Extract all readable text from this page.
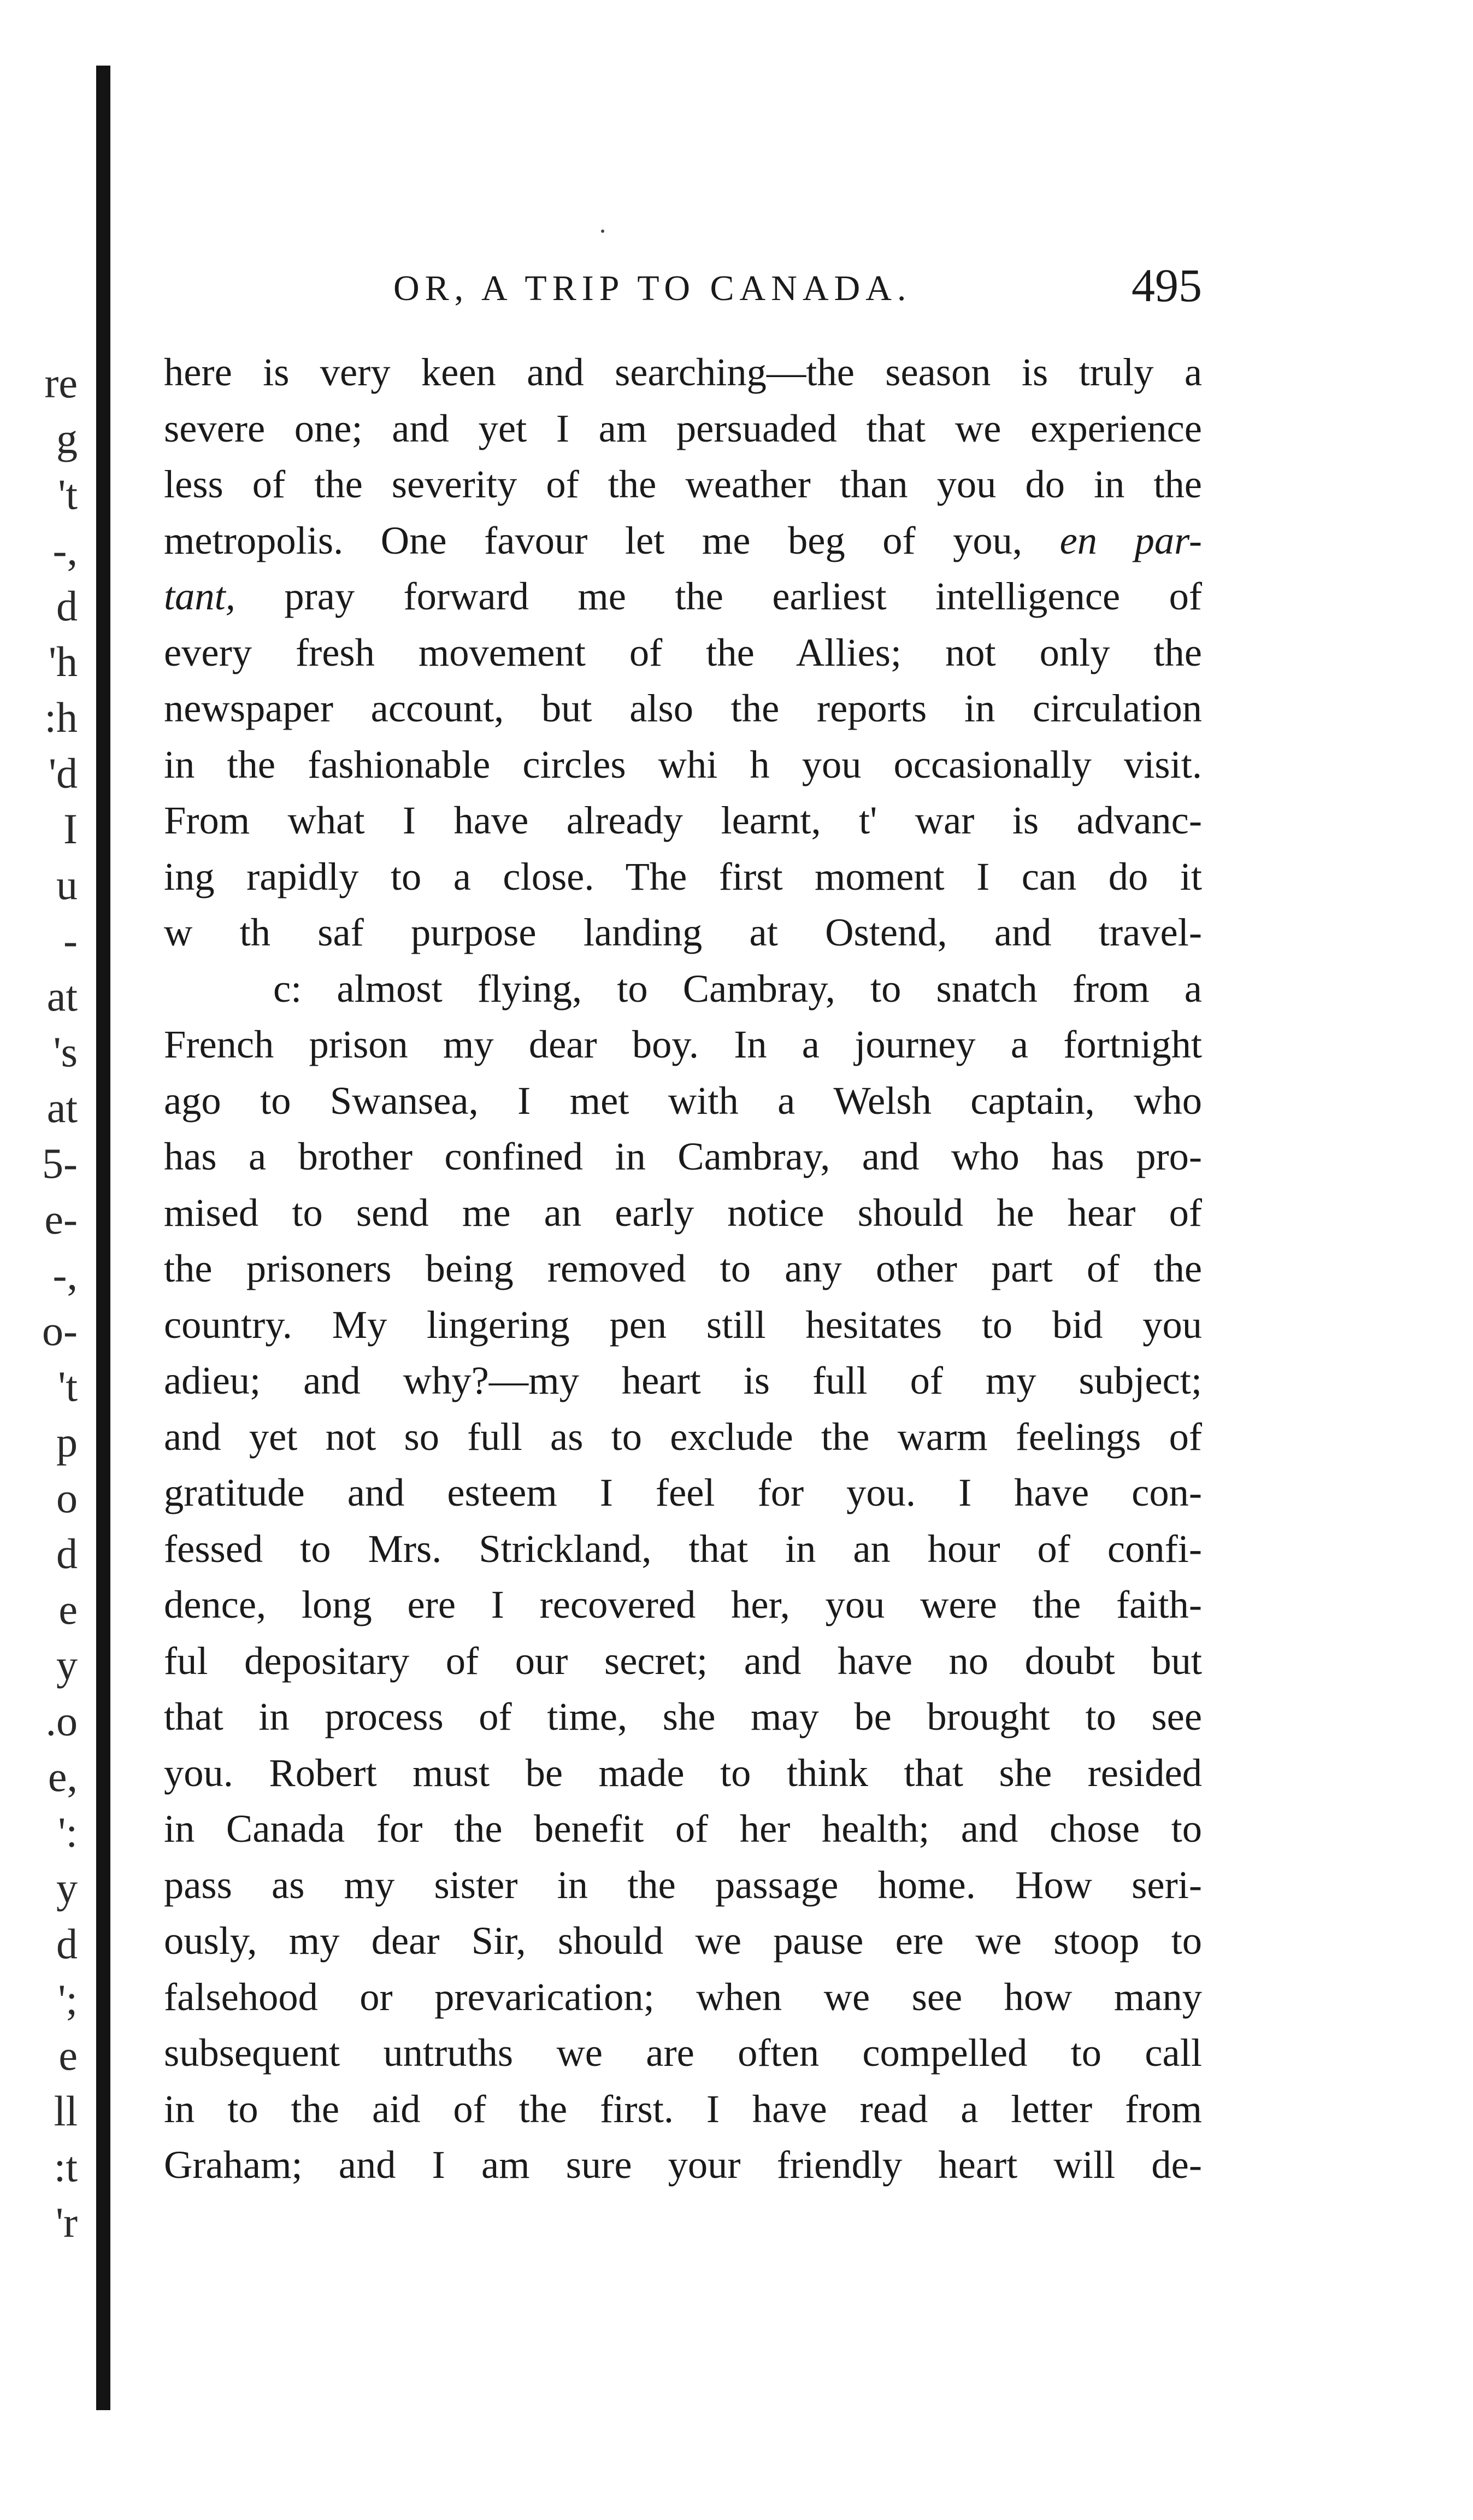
re
g
't
-,
d
'h
:h
'd
I
u
-
at
's
at
5-
e-
-,
o-
't
p
o
d
e
y
.o
e,
':
y
d
';
e
ll
:t
'r
OR, A TRIP TO CANADA.	495
here is very keen and searching—the season is truly a
severe one; and yet I am persuaded that we experience
less of the severity of the weather than you do in the
metropolis. One favour let me beg of you, en par-
tant, pray forward me the earliest intelligence of
every fresh movement of the Allies; not only the
newspaper account, but also the reports in circulation
in the fashionable circles whi h you occasionally visit.
From what I have already learnt, t' war is advanc-
ing rapidly to a close. The first moment I can do it
w th saf purpose landing at Ostend, and travel-
c: almost flying, to Cambray, to snatch from a
French prison my dear boy. In a journey a fortnight
ago to Swansea, I met with a Welsh captain, who
has a brother confined in Cambray, and who has pro-
mised to send me an early notice should he hear of
the prisoners being removed to any other part of the
country. My lingering pen still hesitates to bid you
adieu; and why?—my heart is full of my subject;
and yet not so full as to exclude the warm feelings of
gratitude and esteem I feel for you. I have con-
fessed to Mrs. Strickland, that in an hour of confi-
dence, long ere I recovered her, you were the faith-
ful depositary of our secret; and have no doubt but
that in process of time, she may be brought to see
you. Robert must be made to think that she resided
in Canada for the benefit of her health; and chose to
pass as my sister in the passage home. How seri-
ously, my dear Sir, should we pause ere we stoop to
falsehood or prevarication; when we see how many
subsequent untruths we are often compelled to call
in to the aid of the first. I have read a letter from
Graham; and I am sure your friendly heart will de-
